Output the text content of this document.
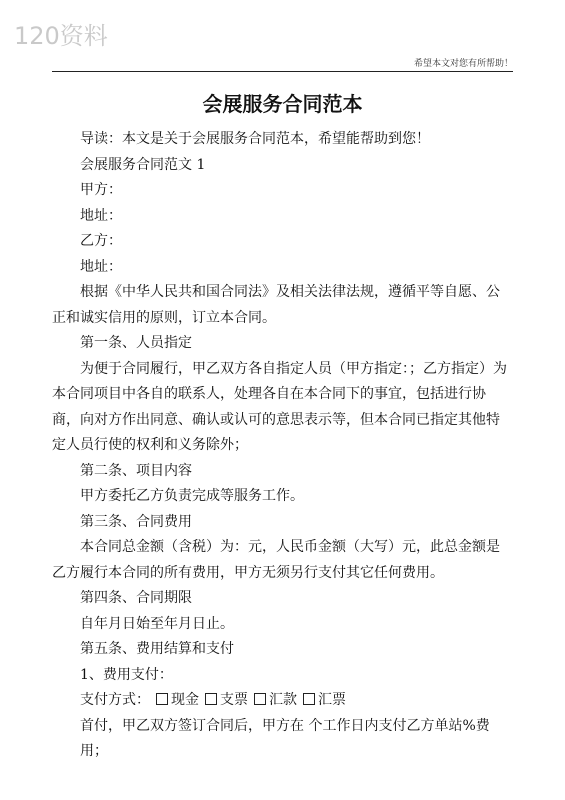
120资料
希望本文对您有所帮助！
会展服务合同范本

导读：本文是关于会展服务合同范本，希望能帮助到您！

会展服务合同范文 1

甲方：

地址：

乙方：

地址：

根据《中华人民共和国合同法》及相关法律法规，遵循平等自愿、公正和诚实信用的原则，订立本合同。

第一条、人员指定

为便于合同履行，甲乙双方各自指定人员（甲方指定：；乙方指定）为本合同项目中各自的联系人，处理各自在本合同下的事宜，包括进行协商，向对方作出同意、确认或认可的意思表示等，但本合同已指定其他特定人员行使的权利和义务除外；

第二条、项目内容

甲方委托乙方负责完成等服务工作。

第三条、合同费用

本合同总金额（含税）为：元，人民币金额（大写）元，此总金额是乙方履行本合同的所有费用，甲方无须另行支付其它任何费用。

第四条、合同期限

自年月日始至年月日止。

第五条、费用结算和支付

1、费用支付：

支付方式： 现金 支票 汇款 汇票

首付，甲乙双方签订合同后，甲方在 个工作日内支付乙方单站%费用；
